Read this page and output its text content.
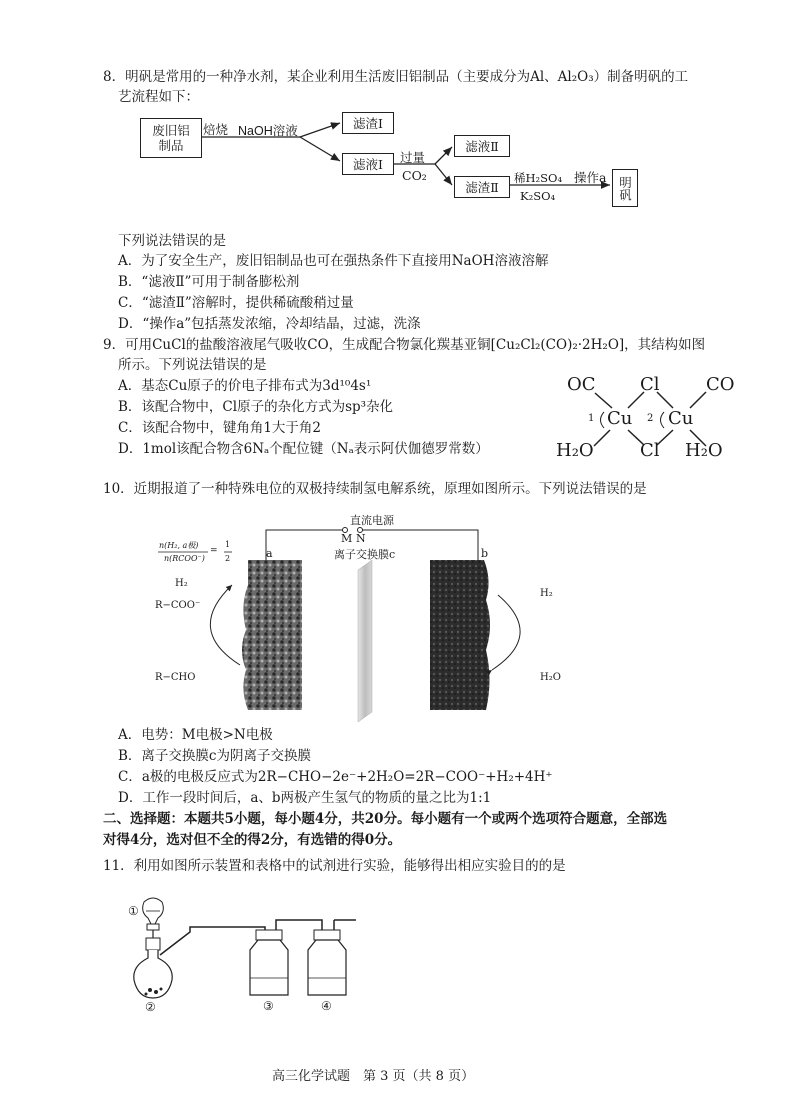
8．明矾是常用的一种净水剂，某企业利用生活废旧铝制品（主要成分为Al、Al₂O₃）制备明矾的工
艺流程如下：
废旧铝制品
焙烧 NaOH溶液
滤渣Ⅰ
滤液Ⅰ 过量
CO₂
滤液Ⅱ
滤渣Ⅱ
稀H₂SO₄
K₂SO₄
操作a 明矾
下列说法错误的是
A．为了安全生产，废旧铝制品也可在强热条件下直接用NaOH溶液溶解
B．“滤液Ⅱ”可用于制备膨松剂
C．“滤渣Ⅱ”溶解时，提供稀硫酸稍过量
D．“操作a”包括蒸发浓缩，冷却结晶，过滤，洗涤
9．可用CuCl的盐酸溶液尾气吸收CO，生成配合物氯化羰基亚铜[Cu₂Cl₂(CO)₂·2H₂O]，其结构如图
所示。下列说法错误的是
A．基态Cu原子的价电子排布式为3d¹⁰4s¹
B．该配合物中，Cl原子的杂化方式为sp³杂化
C．该配合物中，键角角1大于角2
D．1mol该配合物含6Nₐ个配位键（Nₐ表示阿伏伽德罗常数）
OC Cl	CO
1 Cu 2 Cu
H₂O	Cl H₂O
10．近期报道了一种特殊电位的双极持续制氢电解系统，原理如图所示。下列说法错误的是
直流电源
M N
离子交换膜c
a	b
n(H₂, a极)
n(RCOO⁻)
=
1
2
H₂
R−COO⁻
R−CHO
H₂
H₂O
A．电势：M电极>N电极
B．离子交换膜c为阴离子交换膜
C．a极的电极反应式为2R−CHO−2e⁻+2H₂O=2R−COO⁻+H₂+4H⁺
D．工作一段时间后，a、b两极产生氢气的物质的量之比为1:1
二、选择题：本题共5小题，每小题4分，共20分。每小题有一个或两个选项符合题意，全部选
对得4分，选对但不全的得2分，有选错的得0分。
11．利用如图所示装置和表格中的试剂进行实验，能够得出相应实验目的的是
①
②	③	④
高三化学试题　第 3 页（共 8 页）
